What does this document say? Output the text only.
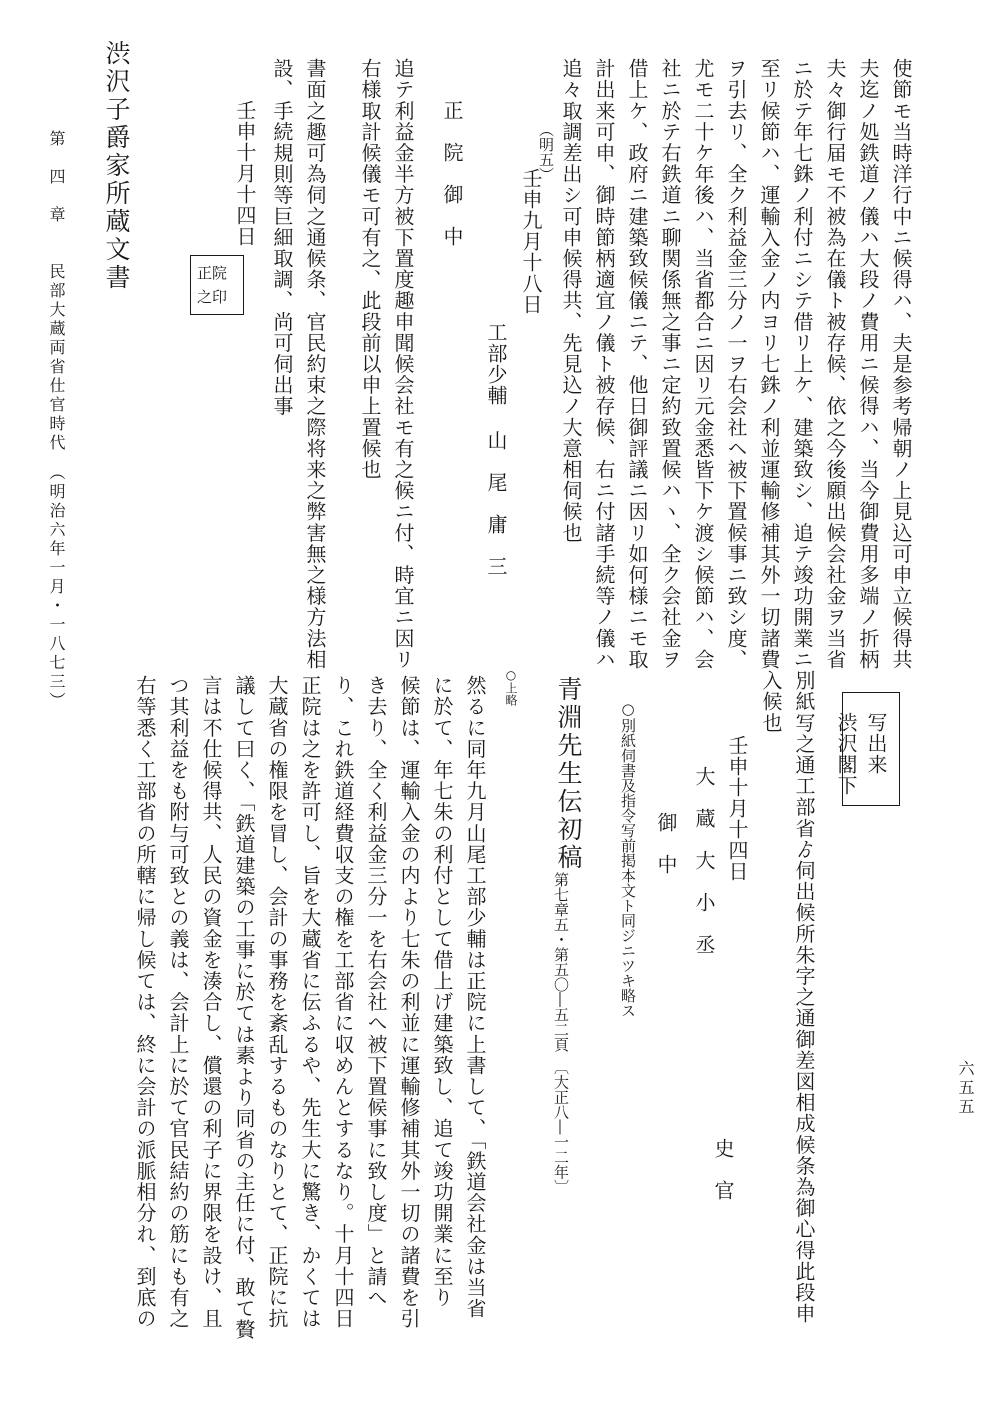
六五五
使節モ当時洋行中ニ候得ハ、夫是参考帰朝ノ上見込可申立候得共
夫迄ノ処鉄道ノ儀ハ大段ノ費用ニ候得ハ、当今御費用多端ノ折柄
夫々御行届モ不被為在儀ト被存候、依之今後願出候会社金ヲ当省
ニ於テ年七銖ノ利付ニシテ借リ上ケ、建築致シ、追テ竣功開業ニ
至リ候節ハ、運輸入金ノ内ヨリ七銖ノ利並運輸修補其外一切諸費
ヲ引去リ、全ク利益金三分ノ一ヲ右会社ヘ被下置候事ニ致シ度、
尤モ二十ケ年後ハ、当省都合ニ因リ元金悉皆下ケ渡シ候節ハ、会
社ニ於テ右鉄道ニ聊関係無之事ニ定約致置候ハヽ、全ク会社金ヲ
借上ケ、政府ニ建築致候儀ニテ、他日御評議ニ因リ如何様ニモ取
計出来可申、御時節柄適宜ノ儀ト被存候、右ニ付諸手続等ノ儀ハ
追々取調差出シ可申候得共、先見込ノ大意相伺候也
（明五）
壬申九月十八日
工部少輔
山　尾　庸　三
正　院　御　中
追テ利益金半方被下置度趣申聞候会社モ有之候ニ付、時宜ニ因リ
右様取計候儀モ可有之、此段前以申上置候也
書面之趣可為伺之通候条、官民約束之際将来之弊害無之様方法相
設、手続規則等巨細取調、尚可伺出事
壬申十月十四日
正院
之印
渋沢子爵家所蔵文書
第　四　章　　民部大蔵両省仕官時代　（明治六年一月・一八七三）
写出来
渋沢閣下
別紙写之通工部省ゟ伺出候所朱字之通御差図相成候条為御心得此段申
入候也
壬申十月十四日
史　官
大　蔵　大　小　丞
御　中
○別紙伺書及指令写前掲本文ト同ジニツキ略ス
青淵先生伝初稿
第七章五・第五〇―五二頁　〔大正八―一二年〕
○上略
然るに同年九月山尾工部少輔は正院に上書して、「鉄道会社金は当省
に於て、年七朱の利付として借上げ建築致し、追て竣功開業に至り
候節は、運輸入金の内より七朱の利並に運輸修補其外一切の諸費を引
き去り、全く利益金三分一を右会社へ被下置候事に致し度」と請へ
り、これ鉄道経費収支の権を工部省に収めんとするなり。十月十四日
正院は之を許可し、旨を大蔵省に伝ふるや、先生大に驚き、かくては
大蔵省の権限を冒し、会計の事務を紊乱するものなりとて、正院に抗
議して曰く、「鉄道建築の工事に於ては素より同省の主任に付、敢て贅
言は不仕候得共、人民の資金を湊合し、償還の利子に界限を設け、且
つ其利益をも附与可致との義は、会計上に於て官民結約の筋にも有之
右等悉く工部省の所轄に帰し候ては、終に会計の派脈相分れ、到底の
